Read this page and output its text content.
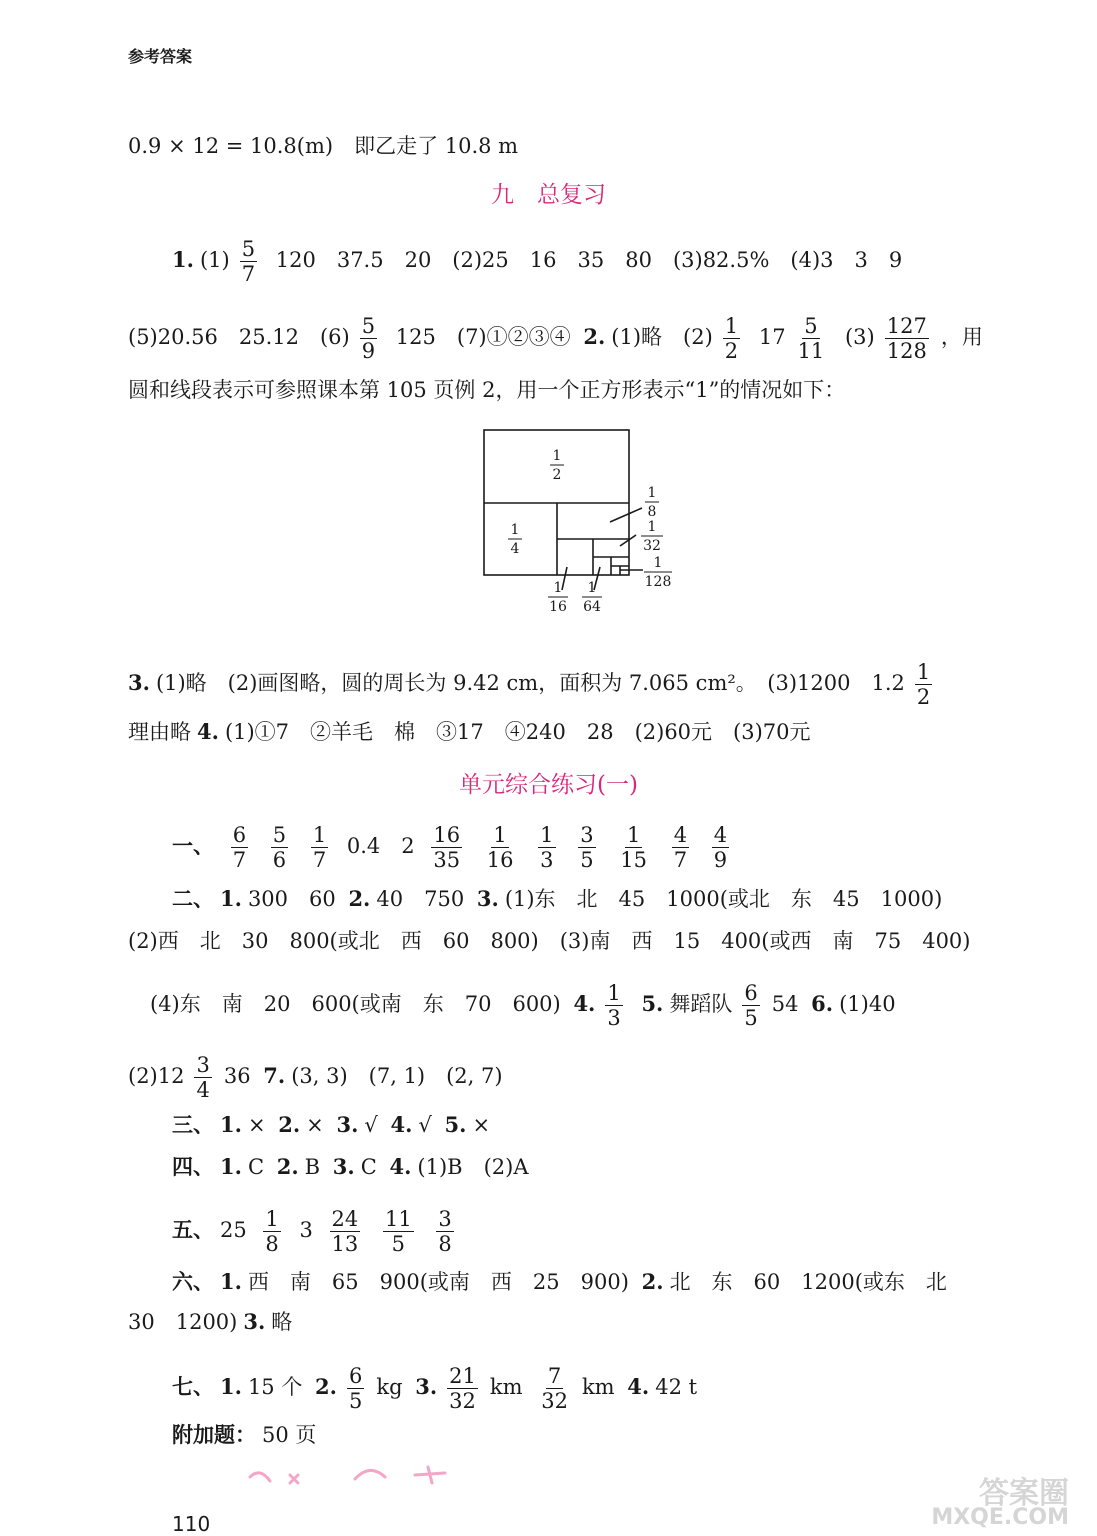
参考答案
0.9 × 12 = 10.8(m)　即乙走了 10.8 m
九　总复习
1. $(1) \frac{5}{7} 120$　37.5　20　(2)25　16　35　80　(3)82.5%　(4)3　3　9
(5)20.56　25.12　$(6) \frac{5}{9} 125$　(7)①②③④ 2. (1)略　$(2) \frac{1}{2} 17 \frac{5}{11} (3) \frac{127}{128}$ ，用
圆和线段表示可参照课本第 105 页例 2，用一个正方形表示“1”的情况如下：
1
2
1
4
1
8
1
32
1
128
1
16
1
64
3. (1)略　(2)画图略，圆的周长为 9.42 cm，面积为 7.065 cm²。　(3)1200　$1.2 \frac{1}{2}$
理由略 4. (1)①7　②羊毛　棉　③17　④240　28　(2)60元　(3)70元
单元综合练习(一)
一、 $\frac{6}{7}$
$\frac{5}{6}$
$\frac{1}{7} 0.4$　$2 \frac{16}{35}$
$\frac{1}{16}$
$\frac{1}{3}$
$\frac{3}{5}$
$\frac{1}{15}$
$\frac{4}{7}$
$\frac{4}{9}$
二、 1. 300　60 2. 40　750 3. (1)东　北　45　1000(或北　东　45　1000)
(2)西　北　30　800(或北　西　60　800)　(3)南　西　15　400(或西　南　75　400)
(4)东　南　20　600(或南　东　70　600) 4. $\frac{1}{3} 5$. 舞蹈队 $\frac{6}{5} 54$ 6. (1)40
$(2)12 \frac{3}{4} 36$ 7. (3, 3)　(7, 1)　(2, 7)
三、 1. × 2. × 3. √ 4. √ 5. ×
四、 1. C 2. B 3. C 4. (1)B　(2)A
五、 $25 \frac{1}{8} 3 \frac{24}{13}$
$\frac{11}{5}$
$\frac{3}{8}$
六、 1. 西　南　65　900(或南　西　25　900) 2. 北　东　60　1200(或东　北
30　1200) 3. 略
七、 1. 15 个 2. $\frac{6}{5}$ kg 3. $\frac{21}{32}$ km $\frac{7}{32}$ km 4. 42 t
附加题： 50 页
110
答案圈
MXQE.COM
